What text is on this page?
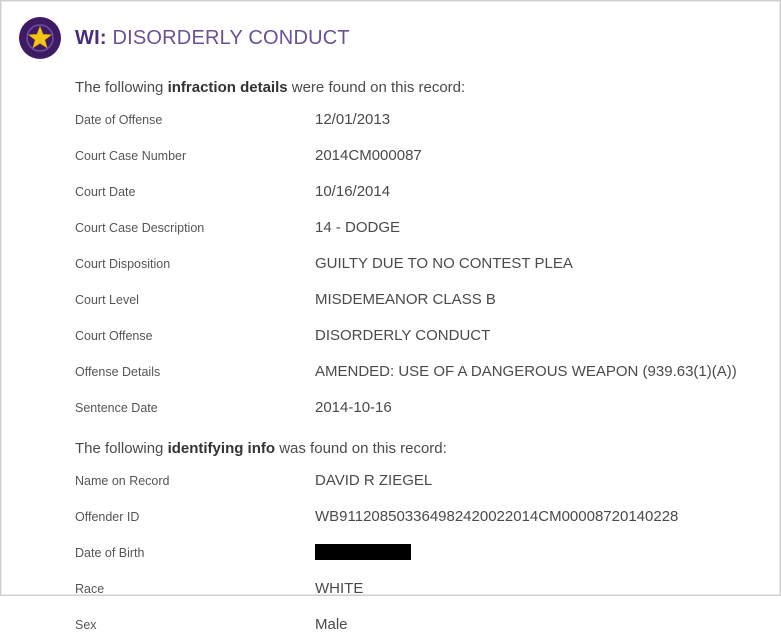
WI: DISORDERLY CONDUCT
The following infraction details were found on this record:
Date of Offense	12/01/2013
Court Case Number	2014CM000087
Court Date	10/16/2014
Court Case Description	14 - DODGE
Court Disposition	GUILTY DUE TO NO CONTEST PLEA
Court Level	MISDEMEANOR CLASS B
Court Offense	DISORDERLY CONDUCT
Offense Details	AMENDED: USE OF A DANGEROUS WEAPON (939.63(1)(A))
Sentence Date	2014-10-16
The following identifying info was found on this record:
Name on Record	DAVID R ZIEGEL
Offender ID	WB911208503364982420022014CM00008720140228
Date of Birth
Race	WHITE
Sex	Male
